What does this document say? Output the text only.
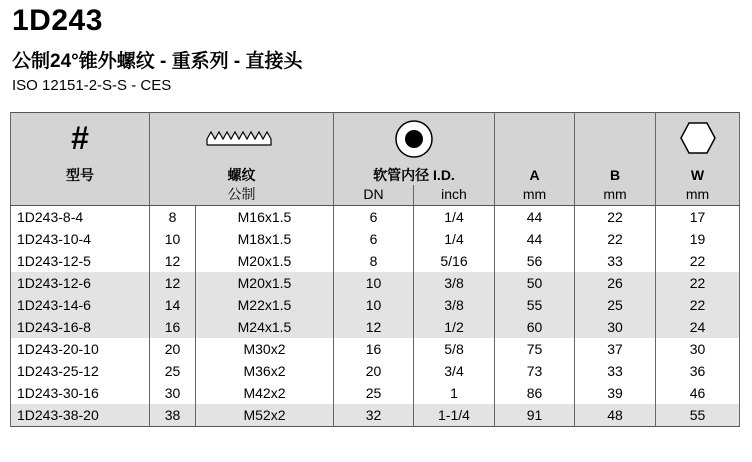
1D243
公制24°锥外螺纹 - 重系列 - 直接头
ISO 12151-2-S-S - CES
#	

型号	螺纹		软管内径 I.D.		A	B	W
	公制		DN	inch	mm	mm	mm
1D243-8-4	8	M16x1.5	6	1/4	44	22	17
1D243-10-4	10	M18x1.5	6	1/4	44	22	19
1D243-12-5	12	M20x1.5	8	5/16	56	33	22
1D243-12-6	12	M20x1.5	10	3/8	50	26	22
1D243-14-6	14	M22x1.5	10	3/8	55	25	22
1D243-16-8	16	M24x1.5	12	1/2	60	30	24
1D243-20-10	20	M30x2	16	5/8	75	37	30
1D243-25-12	25	M36x2	20	3/4	73	33	36
1D243-30-16	30	M42x2	25	1	86	39	46
1D243-38-20	38	M52x2	32	1-1/4	91	48	55
